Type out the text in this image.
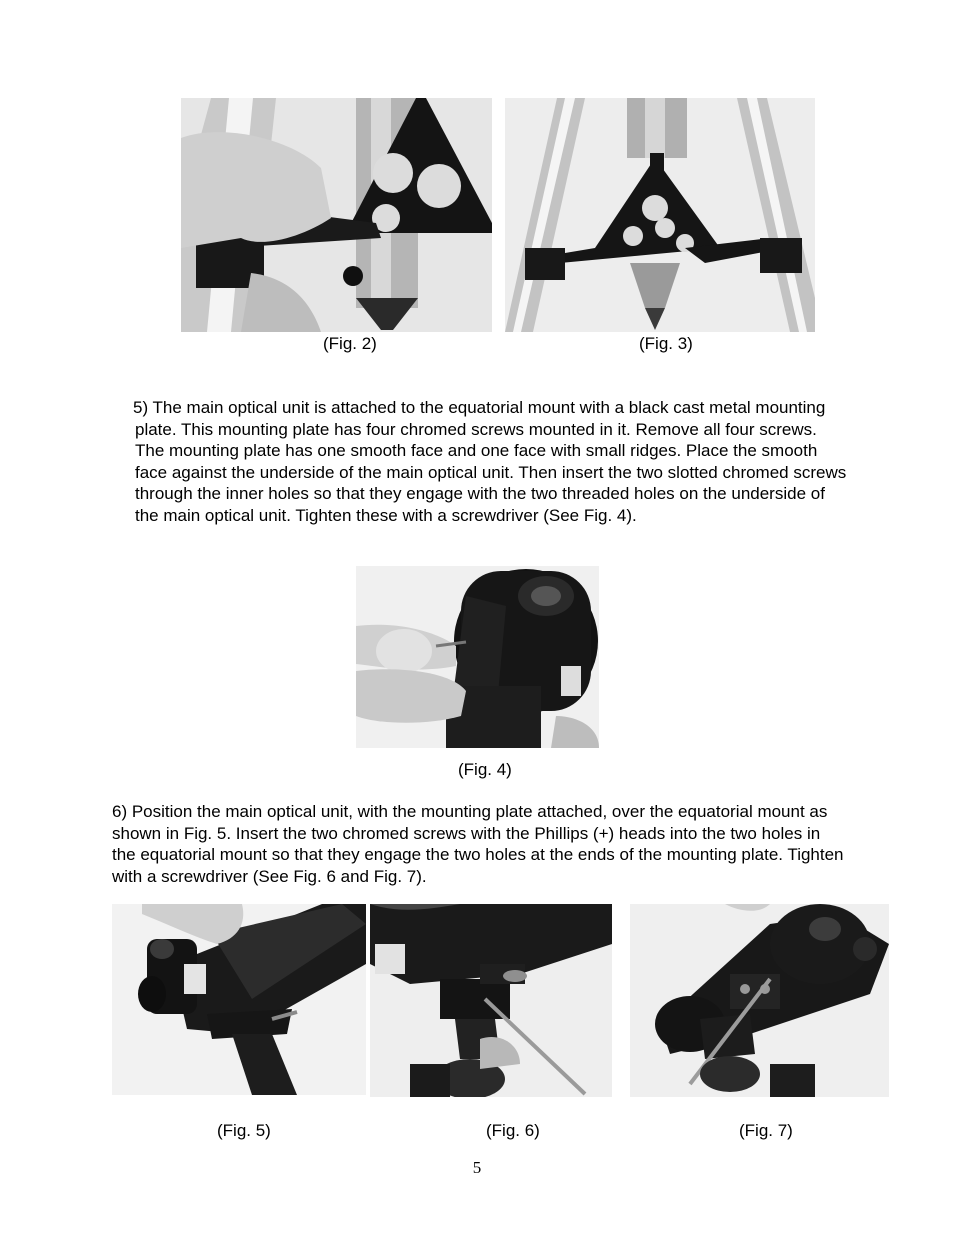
(Fig. 2)	(Fig. 3)

5) The main optical unit is attached to the equatorial mount with a black cast metal mounting plate. This mounting plate has four chromed screws mounted in it. Remove all four screws. The mounting plate has one smooth face and one face with small ridges. Place the smooth face against the underside of the main optical unit. Then insert the two slotted chromed screws through the inner holes so that they engage with the two threaded holes on the underside of the main optical unit. Tighten these with a screwdriver (See Fig. 4).

(Fig. 4)

6) Position the main optical unit, with the mounting plate attached, over the equatorial mount as shown in Fig. 5. Insert the two chromed screws with the Phillips (+) heads into the two holes in the equatorial mount so that they engage the two holes at the ends of the mounting plate. Tighten with a screwdriver (See Fig. 6 and Fig. 7).

(Fig. 5)	(Fig. 6)	(Fig. 7)
5
